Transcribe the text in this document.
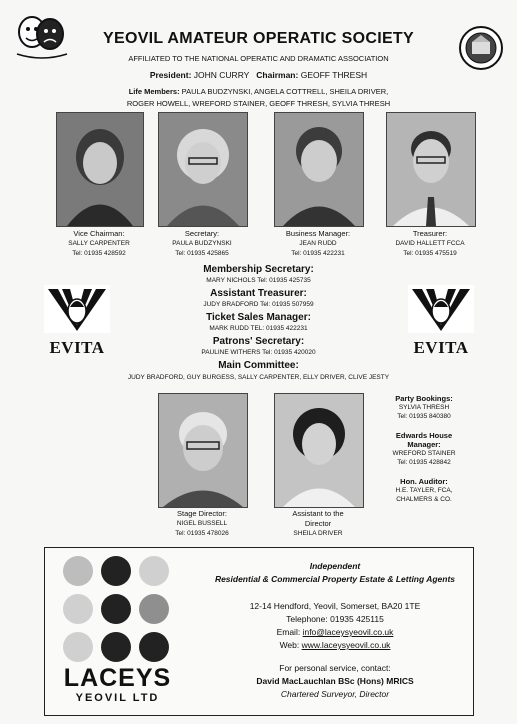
YEOVIL AMATEUR OPERATIC SOCIETY
AFFILIATED TO THE NATIONAL OPERATIC AND DRAMATIC ASSOCIATION
President: JOHN CURRY Chairman: GEOFF THRESH
Life Members: PAULA BUDZYNSKI, ANGELA COTTRELL, SHEILA DRIVER,
ROGER HOWELL, WREFORD STAINER, GEOFF THRESH, SYLVIA THRESH
Vice Chairman:
SALLY CARPENTER
Tel: 01935 428592
Secretary:
PAULA BUDZYNSKI
Tel: 01935 425865
Business Manager:
JEAN RUDD
Tel: 01935 422231
Treasurer:
DAVID HALLETT FCCA
Tel: 01935 475519
EVITA	EVITA
Membership Secretary:
MARY NICHOLS Tel: 01935 425735
Assistant Treasurer:
JUDY BRADFORD Tel: 01935 507959
Ticket Sales Manager:
MARK RUDD TEL: 01935 422231
Patrons' Secretary:
PAULINE WITHERS Tel: 01935 420020
Main Committee:
JUDY BRADFORD, GUY BURGESS, SALLY CARPENTER, ELLY DRIVER, CLIVE JESTY
Stage Director:
NIGEL BUSSELL
Tel: 01935 478026
Assistant to the
Director
SHEILA DRIVER
Party Bookings:
SYLVIA THRESH
Tel: 01935 840380
Edwards House
Manager:
WREFORD STAINER
Tel: 01935 428842
Hon. Auditor:
H.E. TAYLER, FCA,
CHALMERS & CO.
LACEYS
YEOVIL LTD
Independent
Residential & Commercial Property Estate & Letting Agents
12-14 Hendford, Yeovil, Somerset, BA20 1TE
Telephone: 01935 425115
Email: info@laceysyeovil.co.uk
Web: www.laceysyeovil.co.uk
For personal service, contact:
David MacLauchlan BSc (Hons) MRICS
Chartered Surveyor, Director
